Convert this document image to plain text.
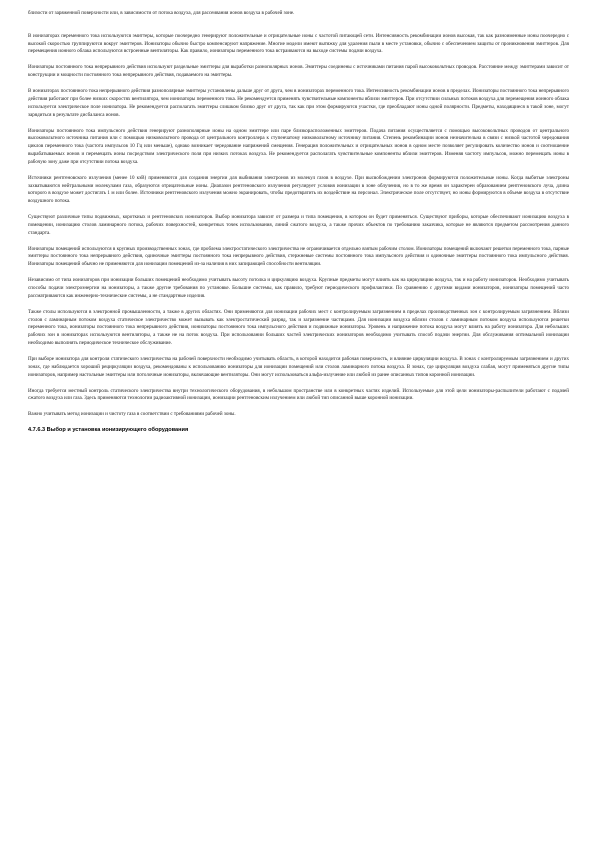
близости от заряженной поверхности или, в зависимости от потока воздуха, для рассеивания ионов воздуха в рабочей зоне.

В ионизаторах переменного тока используются эмиттеры, которые поочередно генерируют положительные и отрицательные ионы с частотой питающей сети. Интенсивность рекомбинации ионов высокая, так как разноименные ионы поочередно с высокой скоростью группируются вокруг эмиттеров. Ионизаторы обычно быстро компенсируют напряжение. Многие модели имеют вытяжку для удаления пыли в месте установки, обычно с обеспечением защиты от проникновения эмиттеров. Для перемещения ионного облака используются встроенные вентиляторы. Как правило, ионизаторы переменного тока встраиваются на выходе системы подачи воздуха.

Ионизаторы постоянного тока непрерывного действия используют раздельные эмиттеры для выработки разнополярных ионов. Эмиттеры соединены с источниками питания парой высоковольтных проводов. Расстояние между эмиттерами зависит от конструкции и мощности постоянного тока непрерывного действия, подаваемого на эмиттеры.

В ионизаторах постоянного тока непрерывного действия разнополярные эмиттеры установлены дальше друг от друга, чем в ионизаторах переменного тока. Интенсивность рекомбинации ионов в пределах. Ионизаторы постоянного тока непрерывного действия работают при более низких скоростях вентилятора, чем ионизаторы переменного тока. Не рекомендуется применять чувствительные компоненты вблизи эмиттеров. При отсутствии сильных потоков воздуха для перемещения ионного облака используется электрическое поле ионизатора. Не рекомендуется располагать эмиттеры слишком близко друг от друга, так как при этом формируются участки, где преобладают ионы одной полярности. Предметы, находящиеся в такой зоне, могут зарядиться в результате дисбаланса ионов.

Ионизаторы постоянного тока импульсного действия генерируют разнополярные ионы на одном эмиттере или паре близкорасположенных эмиттеров. Подача питания осуществляется с помощью высоковольтных проводов от центрального высоковольтного источника питания или с помощью низковольтного провода от центрального контроллера к ступенчатому низковольтному источнику питания. Степень рекомбинации ионов незначительна в связи с низкой частотой чередования циклов переменного тока (частота импульсов 10 Гц или меньше), однако возникает чередование напряжений смещения. Генерация положительных и отрицательных ионов в одном месте позволяет регулировать количество ионов и соотношение вырабатываемых ионов и перемещать ионы посредством электрического поля при низких потоках воздуха. Не рекомендуется располагать чувствительные компоненты вблизи эмиттеров. Изменяя частоту импульсов, можно перемещать ионы в рабочую зону даже при отсутствии потока воздуха.

Источники рентгеновского излучения (менее 10 кэВ) применяются для создания энергии для выбивания электронов из молекул газов в воздухе. При высвобождении электронов формируются положительные ионы. Когда выбитые электроны захватываются нейтральными молекулами газа, образуются отрицательные ионы. Диапазон рентгеновского излучения регулирует условия ионизации в зоне облучения, но в то же время он характерен образованием рентгеновского луча, длина которого в воздухе может достигать 1 м или более. Источники рентгеновского излучения можно экранировать, чтобы предотвратить их воздействие на персонал. Электрическое поле отсутствует, но ионы формируются в объеме воздуха в отсутствие воздушного потока.

Существуют различные типы подвижных, короткиых и рентгеновских ионизаторов. Выбор ионизатора зависит от размера и типа помещения, в котором он будет применяться. Существуют приборы, которые обеспечивают ионизацию воздуха в помещении, ионизацию столов ламинарного потока, рабочих поверхностей, конкретных точек использования, линий сжатого воздуха, а также прочих объектов по требованию заказчика, которые не являются предметом рассмотрения данного стандарта.

Ионизаторы помещений используются в крупных производственных зонах, где проблема электростатического электричества не ограничивается отдельно взятым рабочим столом. Ионизаторы помещений включают решетки переменного тока, парные эмиттеры постоянного тока непрерывного действия, одиночные эмиттеры постоянного тока непрерывного действия, стержневые системы постоянного тока импульсного действия и одиночные эмиттеры постоянного тока импульсного действия. Ионизаторы помещений обычно не применяются для ионизации помещений из-за наличия в них запирающей способности вентиляции.

Независимо от типа ионизаторов при ионизации больших помещений необходимо учитывать высоту потолка и циркуляцию воздуха. Крупные предметы могут влиять как на циркуляцию воздуха, так и на работу ионизаторов. Необходимо учитывать способы подачи электроэнергии на ионизаторы, а также другие требования по установке. Большие системы, как правило, требуют периодического профилактики. По сравнению с другими видами ионизаторов, ионизаторы помещений часто рассматриваются как инженерно-технические системы, а не стандартные изделия.

Также столы используются в электронной промышленности, а также в других областях. Они применяются для ионизации рабочих мест с контролируемым загрязнением в пределах производственных зон с контролируемым загрязнением. Вблизи столов с ламинарным потоком воздуха статическое электричество может вызывать как электростатический разряд, так и загрязнение частицами. Для ионизации воздуха вблизи столов с ламинарным потоком воздуха используются решетки переменного тока, ионизаторы постоянного тока непрерывного действия, ионизаторы постоянного тока импульсного действия и подвижные ионизаторы. Уровень и напряжение потока воздуха могут влиять на работу ионизатора. Для небольших рабочих зон в ионизаторах используются вентиляторы, а также не на поток воздуха. При использовании больших частей электрических ионизаторов необходимо учитывать способ подачи энергии. Для обслуживания оптимальной ионизации необходимо выполнять периодическое техническое обслуживание.

При выборе ионизатора для контроля статического электричества на рабочей поверхности необходимо учитывать область, в которой находится рабочая поверхность, и влияние циркуляции воздуха. В зонах с контролируемым загрязнением и других зонах, где наблюдается хороший рециркуляции воздуха, рекомендованы к использованию ионизаторы для ионизации помещений или столов ламинарного потока воздуха. В зонах, где циркуляция воздуха слабая, могут применяться другие типы ионизаторов, например настольные эмиттеры или потолочные ионизаторы, включающие вентиляторы. Они могут использоваться альфа-излучение или любой из ранее описанных типов коронной ионизации.

Иногда требуется местный контроль статического электричества внутри технологического оборудования, в небольшом пространстве или в конкретных частях изделий. Используемые для этой цели ионизаторы-распылители работают с подачей сжатого воздуха или газа. Здесь применяются технологии радиоактивной ионизации, ионизации рентгеновским излучением или любой тип описанной выше коронной ионизации.

Важно учитывать метод ионизации и чистоту газа в соответствии с требованиями рабочей зоны.

4.7.6.3 Выбор и установка ионизирующего оборудования
